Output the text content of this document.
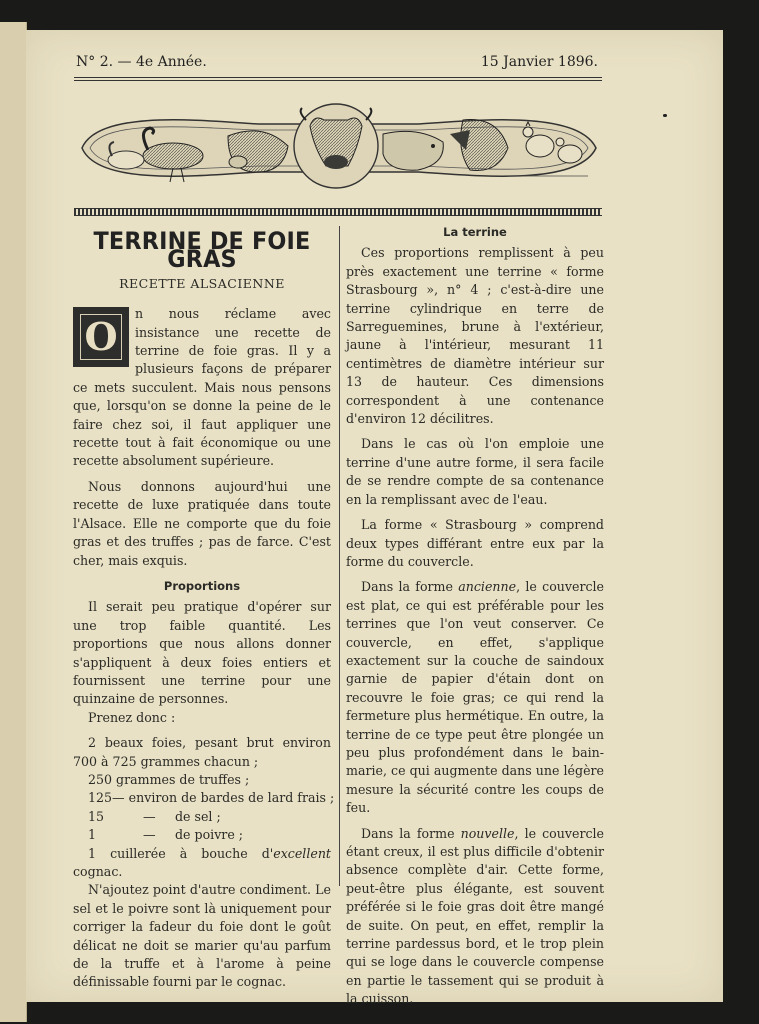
N° 2. — 4e Année.	15 Janvier 1896.
TERRINE DE FOIE GRAS
RECETTE ALSACIENNE
O

n nous réclame avec insistance une recette de terrine de foie gras. Il y a plusieurs façons de préparer ce mets succulent. Mais nous pensons que, lorsqu'on se donne la peine de le faire chez soi, il faut appliquer une recette tout à fait économique ou une recette absolument supérieure.

Nous donnons aujourd'hui une recette de luxe pratiquée dans toute l'Alsace. Elle ne comporte que du foie gras et des truffes ; pas de farce. C'est cher, mais exquis.

Proportions

Il serait peu pratique d'opérer sur une trop faible quantité. Les proportions que nous allons donner s'appliquent à deux foies entiers et fournissent une terrine pour une quinzaine de personnes.

Prenez donc :

2 beaux foies, pesant brut environ 700 à 725 grammes chacun ;

250 grammes de truffes ;

125 — environ de bardes de lard frais ;
15	—	de sel ;
1	—	de poivre ;

1 cuillerée à bouche d'excellent cognac.

N'ajoutez point d'autre condiment. Le sel et le poivre sont là uniquement pour corriger la fadeur du foie dont le goût délicat ne doit se marier qu'au parfum de la truffe et à l'arome à peine définissable fourni par le cognac.

La terrine

Ces proportions remplissent à peu près exactement une terrine « forme Strasbourg », n° 4 ; c'est-à-dire une terrine cylindrique en terre de Sarreguemines, brune à l'extérieur, jaune à l'intérieur, mesurant 11 centimètres de diamètre intérieur sur 13 de hauteur. Ces dimensions correspondent à une contenance d'environ 12 décilitres.

Dans le cas où l'on emploie une terrine d'une autre forme, il sera facile de se rendre compte de sa contenance en la remplissant avec de l'eau.

La forme « Strasbourg » comprend deux types différant entre eux par la forme du couvercle.

Dans la forme ancienne, le couvercle est plat, ce qui est préférable pour les terrines que l'on veut conserver. Ce couvercle, en effet, s'applique exactement sur la couche de saindoux garnie de papier d'étain dont on recouvre le foie gras; ce qui rend la fermeture plus hermétique. En outre, la terrine de ce type peut être plongée un peu plus profondément dans le bain-marie, ce qui augmente dans une légère mesure la sécurité contre les coups de feu.

Dans la forme nouvelle, le couvercle étant creux, il est plus difficile d'obtenir absence complète d'air. Cette forme, peut-être plus élégante, est souvent préférée si le foie gras doit être mangé de suite. On peut, en effet, remplir la terrine pardessus bord, et le trop plein qui se loge dans le couvercle compense en partie le tassement qui se produit à la cuisson.
